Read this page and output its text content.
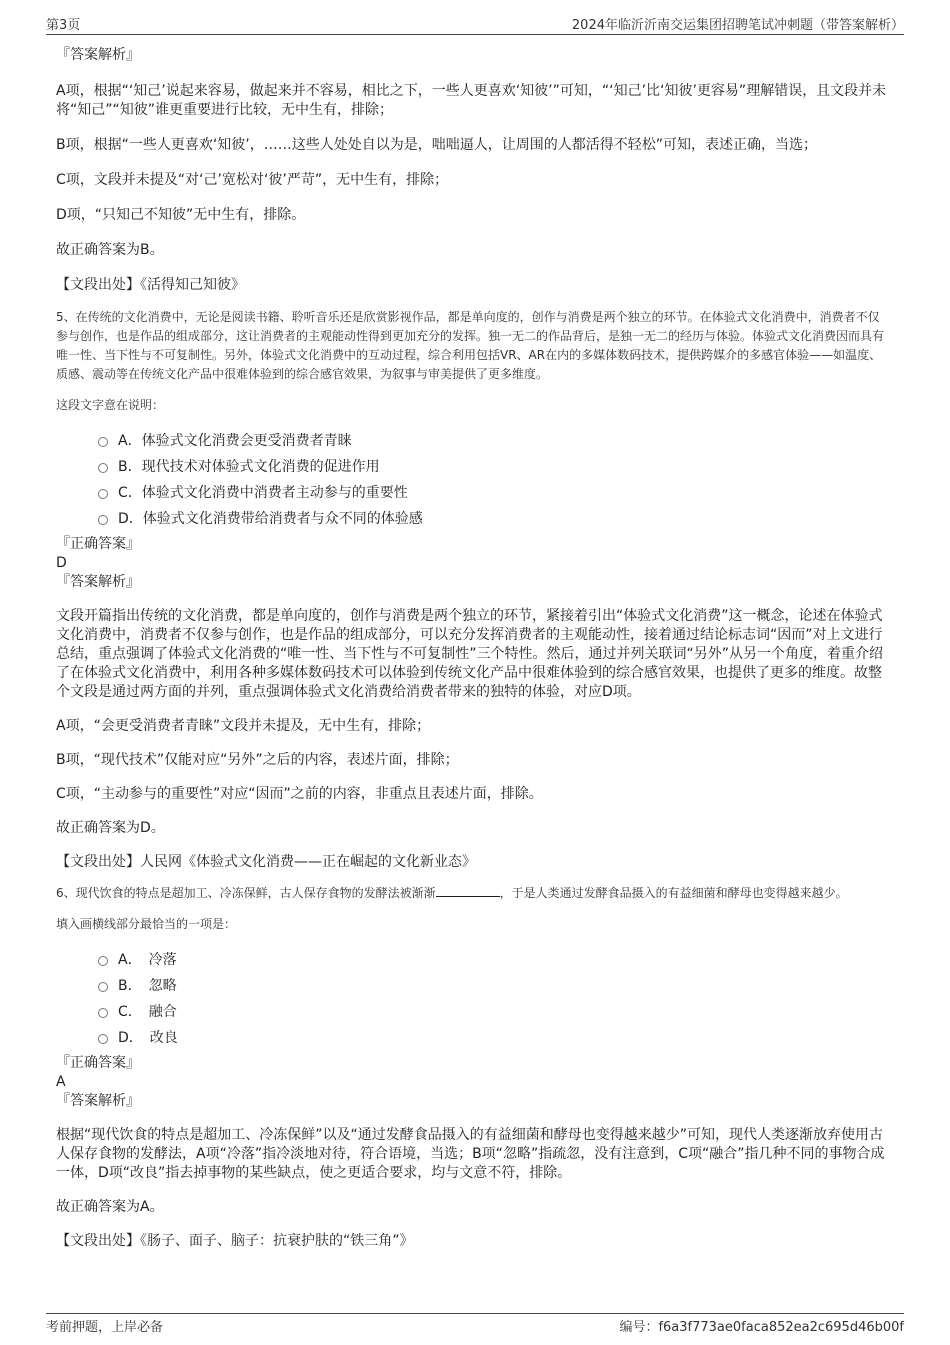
第3页	2024年临沂沂南交运集团招聘笔试冲刺题（带答案解析）

『答案解析』

A项，根据“‘知己’说起来容易，做起来并不容易，相比之下，一些人更喜欢‘知彼’”可知，“‘知己’比‘知彼’更容易”理解错误，且文段并未将“知己”“知彼”谁更重要进行比较，无中生有，排除；

B项，根据“一些人更喜欢‘知彼’，……这些人处处自以为是，咄咄逼人，让周围的人都活得不轻松”可知，表述正确，当选；

C项，文段并未提及“对‘己’宽松对‘彼’严苛”，无中生有，排除；

D项，“只知己不知彼”无中生有，排除。

故正确答案为B。

【文段出处】《活得知己知彼》

5、在传统的文化消费中，无论是阅读书籍、聆听音乐还是欣赏影视作品，都是单向度的，创作与消费是两个独立的环节。在体验式文化消费中，消费者不仅参与创作，也是作品的组成部分，这让消费者的主观能动性得到更加充分的发挥。独一无二的作品背后，是独一无二的经历与体验。体验式文化消费因而具有唯一性、当下性与不可复制性。另外，体验式文化消费中的互动过程，综合利用包括VR、AR在内的多媒体数码技术，提供跨媒介的多感官体验——如温度、质感、震动等在传统文化产品中很难体验到的综合感官效果，为叙事与审美提供了更多维度。

这段文字意在说明：

A．体验式文化消费会更受消费者青睐
B．现代技术对体验式文化消费的促进作用
C．体验式文化消费中消费者主动参与的重要性
D．体验式文化消费带给消费者与众不同的体验感

『正确答案』

D

『答案解析』

文段开篇指出传统的文化消费，都是单向度的，创作与消费是两个独立的环节，紧接着引出“体验式文化消费”这一概念，论述在体验式文化消费中，消费者不仅参与创作，也是作品的组成部分，可以充分发挥消费者的主观能动性，接着通过结论标志词“因而”对上文进行总结，重点强调了体验式文化消费的“唯一性、当下性与不可复制性”三个特性。然后，通过并列关联词“另外”从另一个角度，着重介绍了在体验式文化消费中，利用各种多媒体数码技术可以体验到传统文化产品中很难体验到的综合感官效果，也提供了更多的维度。故整个文段是通过两方面的并列，重点强调体验式文化消费给消费者带来的独特的体验，对应D项。

A项，“会更受消费者青睐”文段并未提及，无中生有，排除；

B项，“现代技术”仅能对应“另外”之后的内容，表述片面，排除；

C项，“主动参与的重要性”对应“因而”之前的内容，非重点且表述片面，排除。

故正确答案为D。

【文段出处】人民网《体验式文化消费——正在崛起的文化新业态》

6、现代饮食的特点是超加工、冷冻保鲜，古人保存食物的发酵法被渐渐	，于是人类通过发酵食品摄入的有益细菌和酵母也变得越来越少。

填入画横线部分最恰当的一项是：

A．　冷落
B．　忽略
C．　融合
D．　改良

『正确答案』

A

『答案解析』

根据“现代饮食的特点是超加工、冷冻保鲜”以及“通过发酵食品摄入的有益细菌和酵母也变得越来越少”可知，现代人类逐渐放弃使用古人保存食物的发酵法，A项“冷落”指冷淡地对待，符合语境，当选；B项“忽略”指疏忽，没有注意到，C项“融合”指几种不同的事物合成一体，D项“改良”指去掉事物的某些缺点，使之更适合要求，均与文意不符，排除。

故正确答案为A。

【文段出处】《肠子、面子、脑子：抗衰护肤的“铁三角”》

考前押题，上岸必备	编号：f6a3f773ae0faca852ea2c695d46b00f
